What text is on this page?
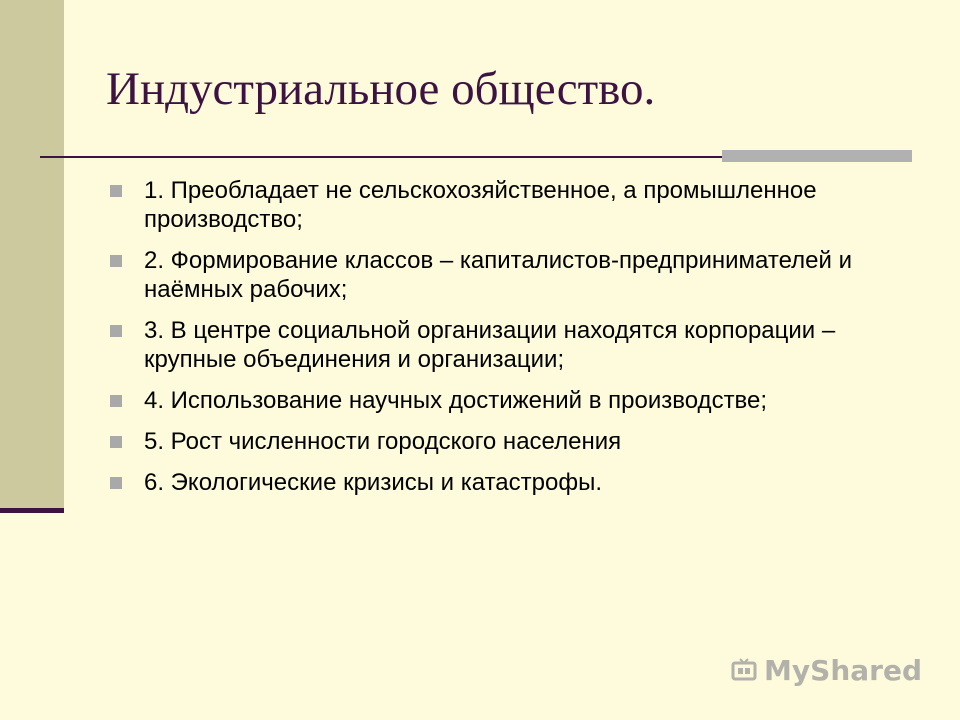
Индустриальное общество.
1. Преобладает не сельскохозяйственное, а промышленное производство;
2. Формирование классов – капиталистов-предпринимателей и наёмных рабочих;
3. В центре социальной организации находятся корпорации – крупные объединения и организации;
4. Использование научных достижений в производстве;
5. Рост численности городского населения
6. Экологические кризисы и катастрофы.
MyShared
